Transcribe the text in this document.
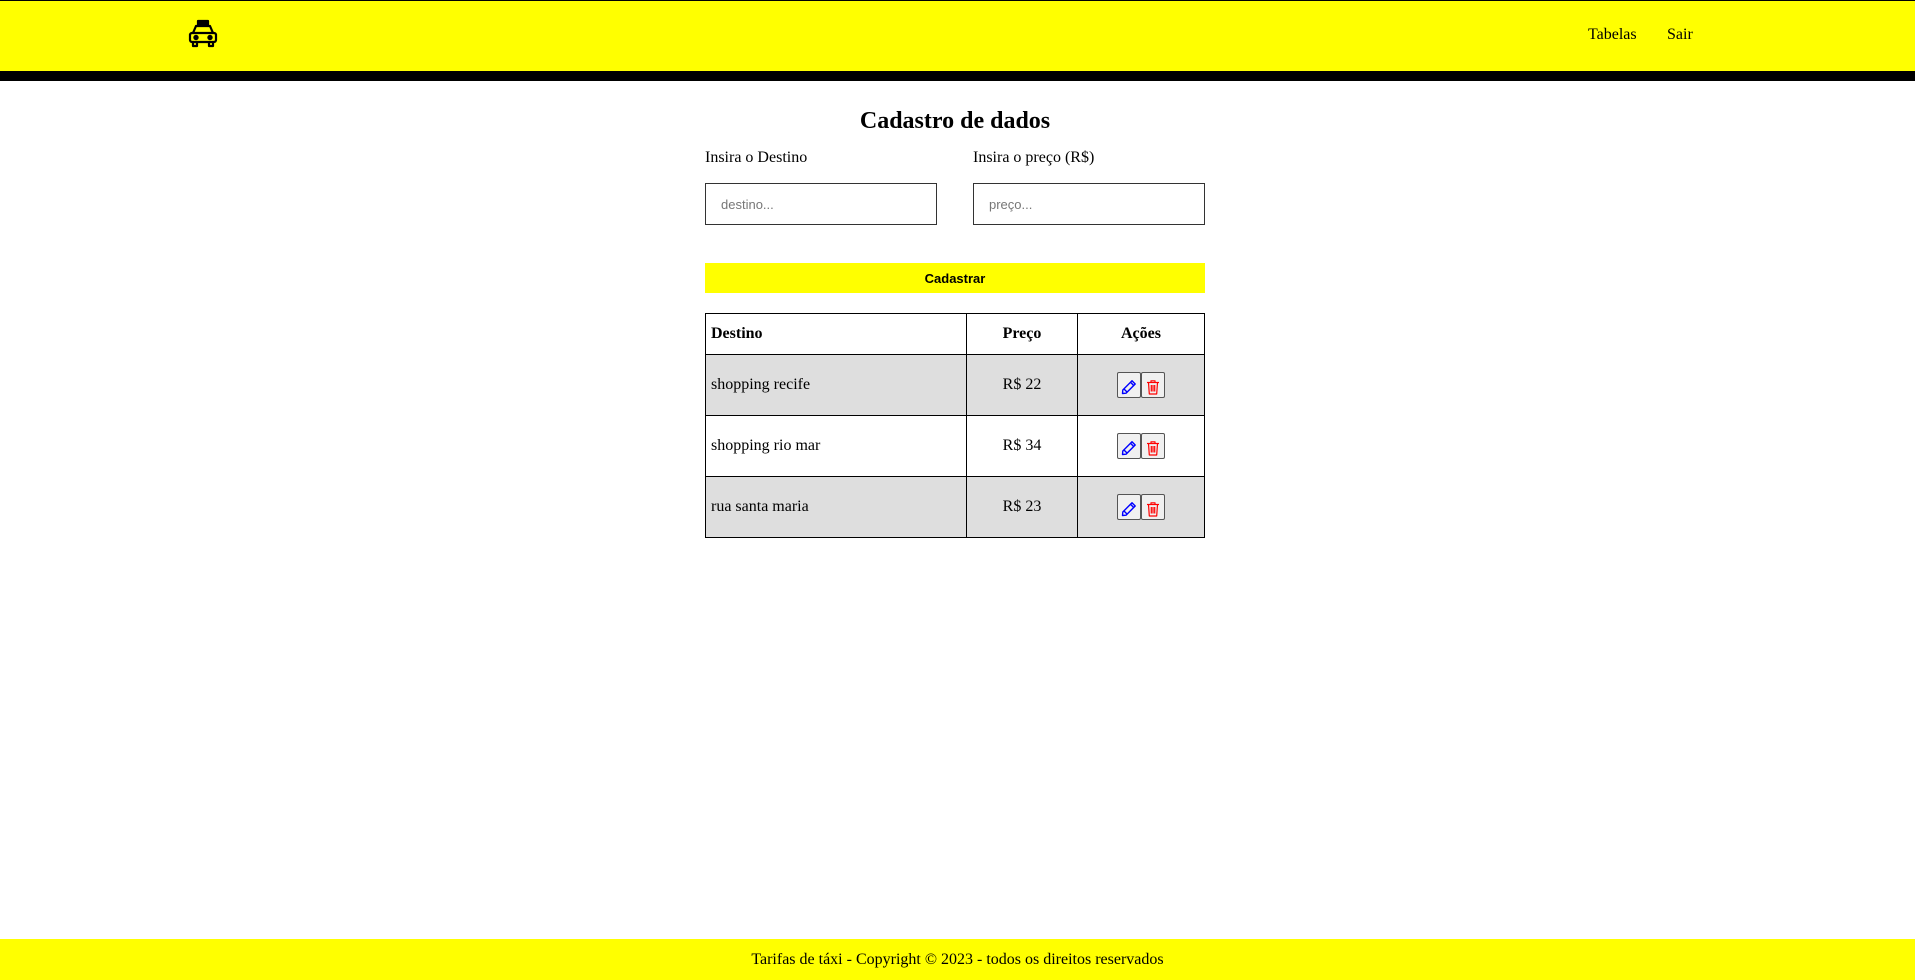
Tabelas Sair
Cadastro de dados
Insira o Destino	Insira o preço (R$)
destino...
preço...
Cadastrar
Destino	Preço	Ações
shopping recife	R$ 22	

shopping rio mar	R$ 34	

rua santa maria	R$ 23	

Tarifas de táxi - Copyright © 2023 - todos os direitos reservados
